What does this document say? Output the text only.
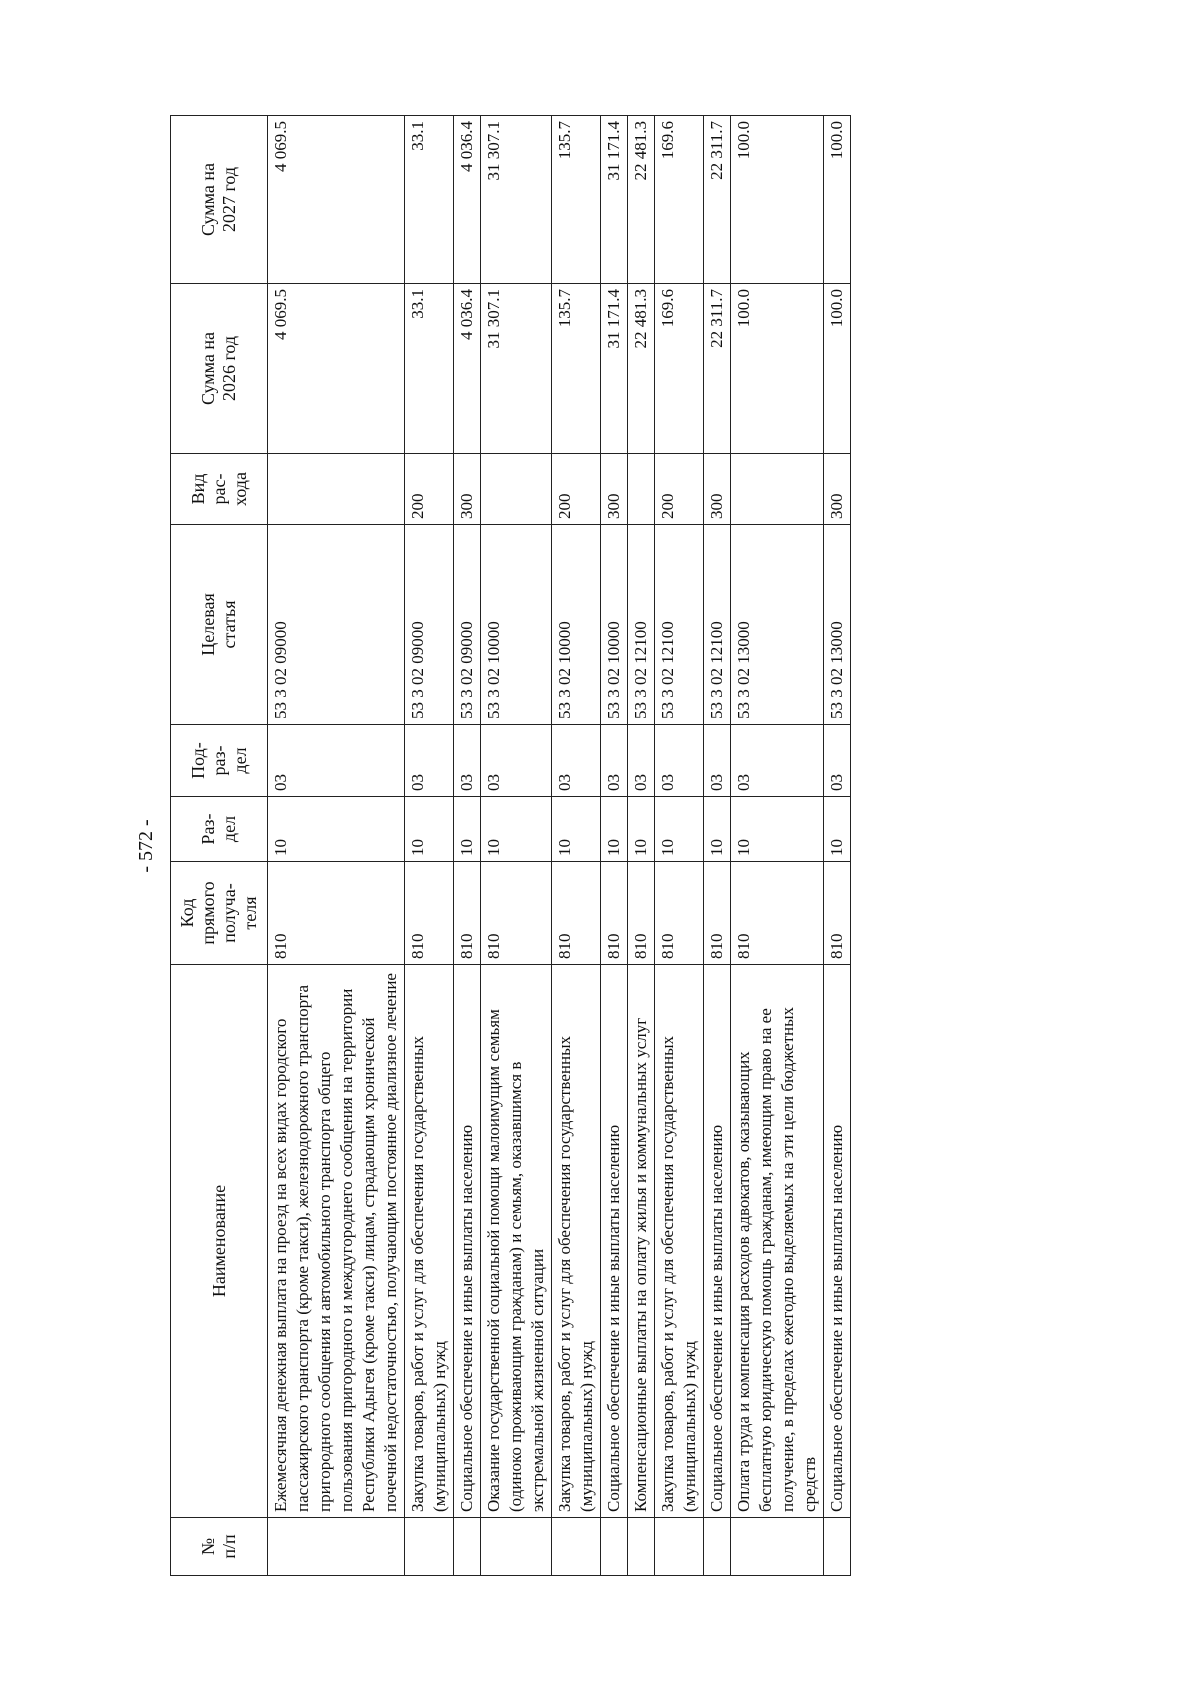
- 572 -
№
п/п	Наименование	Код
прямого
получа-
теля	Раз-
дел	Под-
раз-
дел	Целевая
статья	Вид
рас-
хода	Сумма на
2026 год	Сумма на
2027 год
	Ежемесячная денежная выплата на проезд на всех видах городского пассажирского транспорта (кроме такси), железнодорожного транспорта пригородного сообщения и автомобильного транспорта общего пользования пригородного и междугороднего сообщения на территории Республики Адыгея (кроме такси) лицам, страдающим хронической почечной недостаточностью, получающим постоянное диализное лечение	810	10	03	53 3 02 09000		4 069.5	4 069.5
	Закупка товаров, работ и услуг для обеспечения государственных (муниципальных) нужд	810	10	03	53 3 02 09000	200	33.1	33.1
	Социальное обеспечение и иные выплаты населению	810	10	03	53 3 02 09000	300	4 036.4	4 036.4
	Оказание государственной социальной помощи малоимущим семьям (одиноко проживающим гражданам) и семьям, оказавшимся в экстремальной жизненной ситуации	810	10	03	53 3 02 10000		31 307.1	31 307.1
	Закупка товаров, работ и услуг для обеспечения государственных (муниципальных) нужд	810	10	03	53 3 02 10000	200	135.7	135.7
	Социальное обеспечение и иные выплаты населению	810	10	03	53 3 02 10000	300	31 171.4	31 171.4
	Компенсационные выплаты на оплату жилья и коммунальных услуг	810	10	03	53 3 02 12100		22 481.3	22 481.3
	Закупка товаров, работ и услуг для обеспечения государственных (муниципальных) нужд	810	10	03	53 3 02 12100	200	169.6	169.6
	Социальное обеспечение и иные выплаты населению	810	10	03	53 3 02 12100	300	22 311.7	22 311.7
	Оплата труда и компенсация расходов адвокатов, оказывающих бесплатную юридическую помощь гражданам, имеющим право на ее получение, в пределах ежегодно выделяемых на эти цели бюджетных средств	810	10	03	53 3 02 13000		100.0	100.0
	Социальное обеспечение и иные выплаты населению	810	10	03	53 3 02 13000	300	100.0	100.0
